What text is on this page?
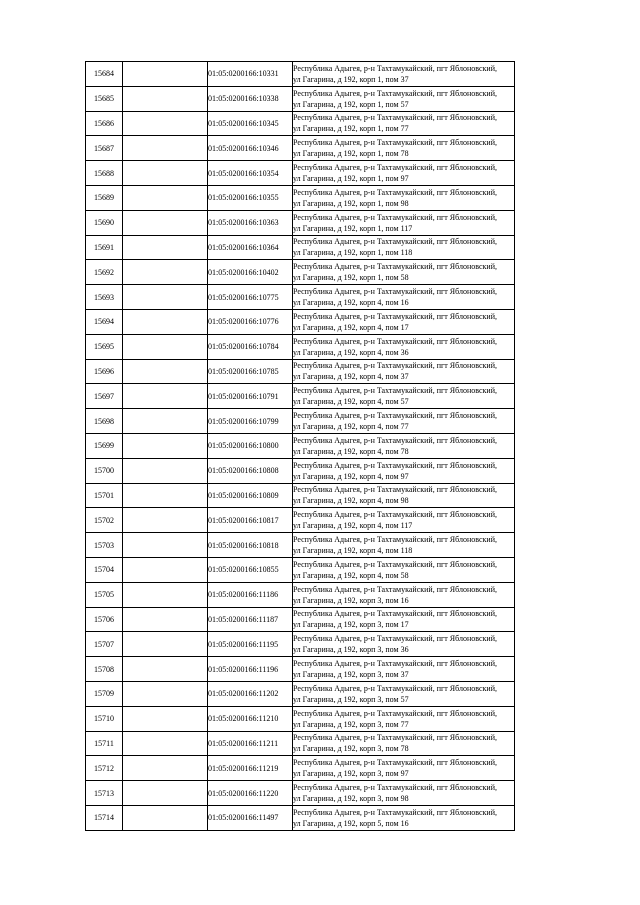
15684		01:05:0200166:10331	Республика Адыгея, р-н Тахтамукайский, пгт Яблоновский,
ул Гагарина, д 192, корп 1, пом 37

15685		01:05:0200166:10338	Республика Адыгея, р-н Тахтамукайский, пгт Яблоновский,
ул Гагарина, д 192, корп 1, пом 57

15686		01:05:0200166:10345	Республика Адыгея, р-н Тахтамукайский, пгт Яблоновский,
ул Гагарина, д 192, корп 1, пом 77

15687		01:05:0200166:10346	Республика Адыгея, р-н Тахтамукайский, пгт Яблоновский,
ул Гагарина, д 192, корп 1, пом 78

15688		01:05:0200166:10354	Республика Адыгея, р-н Тахтамукайский, пгт Яблоновский,
ул Гагарина, д 192, корп 1, пом 97

15689		01:05:0200166:10355	Республика Адыгея, р-н Тахтамукайский, пгт Яблоновский,
ул Гагарина, д 192, корп 1, пом 98

15690		01:05:0200166:10363	Республика Адыгея, р-н Тахтамукайский, пгт Яблоновский,
ул Гагарина, д 192, корп 1, пом 117

15691		01:05:0200166:10364	Республика Адыгея, р-н Тахтамукайский, пгт Яблоновский,
ул Гагарина, д 192, корп 1, пом 118

15692		01:05:0200166:10402	Республика Адыгея, р-н Тахтамукайский, пгт Яблоновский,
ул Гагарина, д 192, корп 1, пом 58

15693		01:05:0200166:10775	Республика Адыгея, р-н Тахтамукайский, пгт Яблоновский,
ул Гагарина, д 192, корп 4, пом 16

15694		01:05:0200166:10776	Республика Адыгея, р-н Тахтамукайский, пгт Яблоновский,
ул Гагарина, д 192, корп 4, пом 17

15695		01:05:0200166:10784	Республика Адыгея, р-н Тахтамукайский, пгт Яблоновский,
ул Гагарина, д 192, корп 4, пом 36

15696		01:05:0200166:10785	Республика Адыгея, р-н Тахтамукайский, пгт Яблоновский,
ул Гагарина, д 192, корп 4, пом 37

15697		01:05:0200166:10791	Республика Адыгея, р-н Тахтамукайский, пгт Яблоновский,
ул Гагарина, д 192, корп 4, пом 57

15698		01:05:0200166:10799	Республика Адыгея, р-н Тахтамукайский, пгт Яблоновский,
ул Гагарина, д 192, корп 4, пом 77

15699		01:05:0200166:10800	Республика Адыгея, р-н Тахтамукайский, пгт Яблоновский,
ул Гагарина, д 192, корп 4, пом 78

15700		01:05:0200166:10808	Республика Адыгея, р-н Тахтамукайский, пгт Яблоновский,
ул Гагарина, д 192, корп 4, пом 97

15701		01:05:0200166:10809	Республика Адыгея, р-н Тахтамукайский, пгт Яблоновский,
ул Гагарина, д 192, корп 4, пом 98

15702		01:05:0200166:10817	Республика Адыгея, р-н Тахтамукайский, пгт Яблоновский,
ул Гагарина, д 192, корп 4, пом 117

15703		01:05:0200166:10818	Республика Адыгея, р-н Тахтамукайский, пгт Яблоновский,
ул Гагарина, д 192, корп 4, пом 118

15704		01:05:0200166:10855	Республика Адыгея, р-н Тахтамукайский, пгт Яблоновский,
ул Гагарина, д 192, корп 4, пом 58

15705		01:05:0200166:11186	Республика Адыгея, р-н Тахтамукайский, пгт Яблоновский,
ул Гагарина, д 192, корп 3, пом 16

15706		01:05:0200166:11187	Республика Адыгея, р-н Тахтамукайский, пгт Яблоновский,
ул Гагарина, д 192, корп 3, пом 17

15707		01:05:0200166:11195	Республика Адыгея, р-н Тахтамукайский, пгт Яблоновский,
ул Гагарина, д 192, корп 3, пом 36

15708		01:05:0200166:11196	Республика Адыгея, р-н Тахтамукайский, пгт Яблоновский,
ул Гагарина, д 192, корп 3, пом 37

15709		01:05:0200166:11202	Республика Адыгея, р-н Тахтамукайский, пгт Яблоновский,
ул Гагарина, д 192, корп 3, пом 57

15710		01:05:0200166:11210	Республика Адыгея, р-н Тахтамукайский, пгт Яблоновский,
ул Гагарина, д 192, корп 3, пом 77

15711		01:05:0200166:11211	Республика Адыгея, р-н Тахтамукайский, пгт Яблоновский,
ул Гагарина, д 192, корп 3, пом 78

15712		01:05:0200166:11219	Республика Адыгея, р-н Тахтамукайский, пгт Яблоновский,
ул Гагарина, д 192, корп 3, пом 97

15713		01:05:0200166:11220	Республика Адыгея, р-н Тахтамукайский, пгт Яблоновский,
ул Гагарина, д 192, корп 3, пом 98

15714		01:05:0200166:11497	Республика Адыгея, р-н Тахтамукайский, пгт Яблоновский,
ул Гагарина, д 192, корп 5, пом 16
